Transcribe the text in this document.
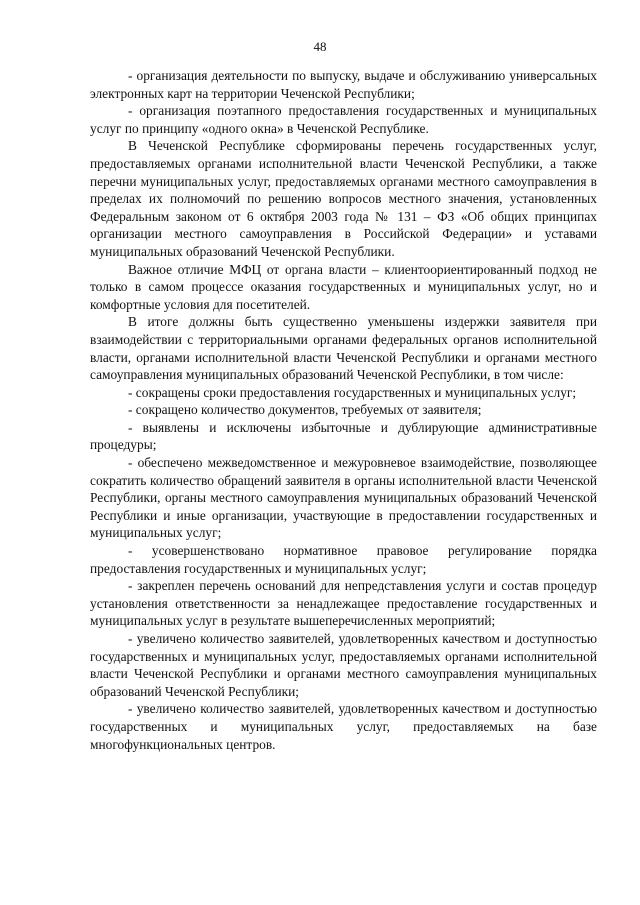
48

- организация деятельности по выпуску, выдаче и обслуживанию универсальных электронных карт на территории Чеченской Республики;

- организация поэтапного предоставления государственных и муниципальных услуг по принципу «одного окна» в Чеченской Республике.

В Чеченской Республике сформированы перечень государственных услуг, предоставляемых органами исполнительной власти Чеченской Республики, а также перечни муниципальных услуг, предоставляемых органами местного самоуправления в пределах их полномочий по решению вопросов местного значения, установленных Федеральным законом от 6 октября 2003 года № 131 – ФЗ «Об общих принципах организации местного самоуправления в Российской Федерации» и уставами муниципальных образований Чеченской Республики.

Важное отличие МФЦ от органа власти – клиентоориентированный подход не только в самом процессе оказания государственных и муниципальных услуг, но и комфортные условия для посетителей.

В итоге должны быть существенно уменьшены издержки заявителя при взаимодействии с территориальными органами федеральных органов исполнительной власти, органами исполнительной власти Чеченской Республики и органами местного самоуправления муниципальных образований Чеченской Республики, в том числе:

- сокращены сроки предоставления государственных и муниципальных услуг;

- сокращено количество документов, требуемых от заявителя;

- выявлены и исключены избыточные и дублирующие административные процедуры;

- обеспечено межведомственное и межуровневое взаимодействие, позволяющее сократить количество обращений заявителя в органы исполнительной власти Чеченской Республики, органы местного самоуправления муниципальных образований Чеченской Республики и иные организации, участвующие в предоставлении государственных и муниципальных услуг;

- усовершенствовано нормативное правовое регулирование порядка предоставления государственных и муниципальных услуг;

- закреплен перечень оснований для непредставления услуги и состав процедур установления ответственности за ненадлежащее предоставление государственных и муниципальных услуг в результате вышеперечисленных мероприятий;

- увеличено количество заявителей, удовлетворенных качеством и доступностью государственных и муниципальных услуг, предоставляемых органами исполнительной власти Чеченской Республики и органами местного самоуправления муниципальных образований Чеченской Республики;

- увеличено количество заявителей, удовлетворенных качеством и доступностью государственных и муниципальных услуг, предоставляемых на базе многофункциональных центров.
